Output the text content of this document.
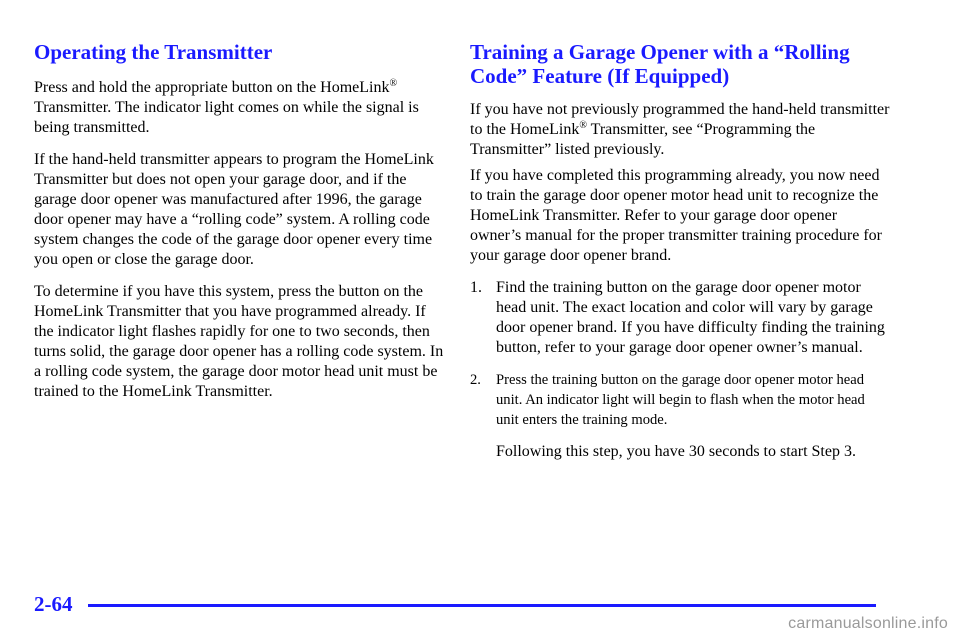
Operating the Transmitter

Press and hold the appropriate button on the HomeLink® Transmitter. The indicator light comes on while the signal is being transmitted.

If the hand-held transmitter appears to program the HomeLink Transmitter but does not open your garage door, and if the garage door opener was manufactured after 1996, the garage door opener may have a “rolling code” system. A rolling code system changes the code of the garage door opener every time you open or close the garage door.

To determine if you have this system, press the button on the HomeLink Transmitter that you have programmed already. If the indicator light flashes rapidly for one to two seconds, then turns solid, the garage door opener has a rolling code system. In a rolling code system, the garage door motor head unit must be trained to the HomeLink Transmitter.

Training a Garage Opener with a “Rolling Code” Feature (If Equipped)

If you have not previously programmed the hand-held transmitter to the HomeLink® Transmitter, see “Programming the Transmitter” listed previously.

If you have completed this programming already, you now need to train the garage door opener motor head unit to recognize the HomeLink Transmitter. Refer to your garage door opener owner’s manual for the proper transmitter training procedure for your garage door opener brand.

1. Find the training button on the garage door opener motor head unit. The exact location and color will vary by garage door opener brand. If you have difficulty finding the training button, refer to your garage door opener owner’s manual.
2. Press the training button on the garage door opener motor head unit. An indicator light will begin to flash when the motor head unit enters the training mode.
Following this step, you have 30 seconds to start Step 3.
2-64
carmanualsonline.info
